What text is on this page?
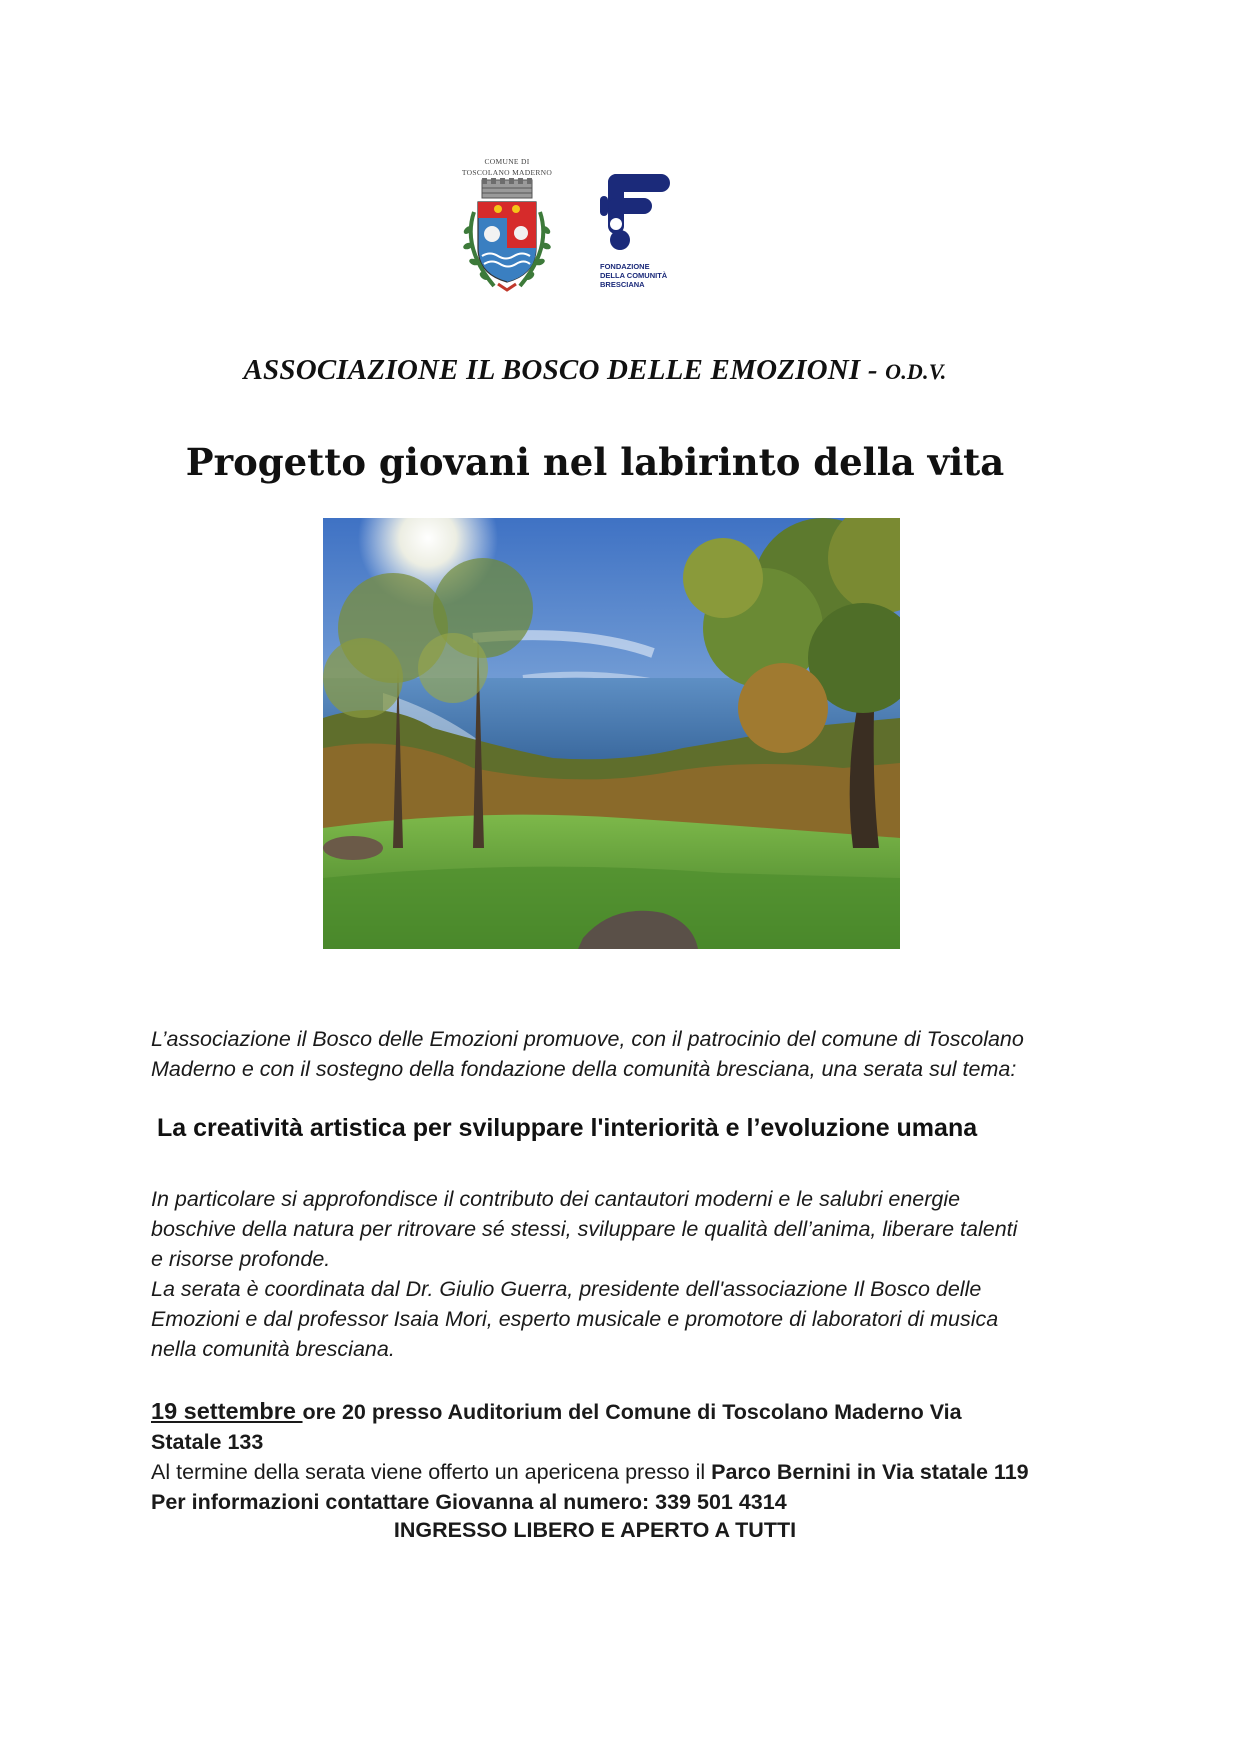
COMUNE DI
TOSCOLANO MADERNO
FONDAZIONE
DELLA COMUNITÀ
BRESCIANA
ASSOCIAZIONE IL BOSCO DELLE EMOZIONI - O.D.V.
Progetto giovani nel labirinto della vita
L’associazione il Bosco delle Emozioni promuove, con il patrocinio del comune di Toscolano
Maderno e con il sostegno della fondazione della comunità bresciana, una serata sul tema:
La creatività artistica per sviluppare l'interiorità e l’evoluzione umana
In particolare si approfondisce il contributo dei cantautori moderni e le salubri energie
boschive della natura per ritrovare sé stessi, sviluppare le qualità dell’anima, liberare talenti
e risorse profonde.
La serata è coordinata dal Dr. Giulio Guerra, presidente dell'associazione Il Bosco delle
Emozioni e dal professor Isaia Mori, esperto musicale e promotore di laboratori di musica
nella comunità bresciana.
19 settembre ore 20 presso Auditorium del Comune di Toscolano Maderno Via
Statale 133
Al termine della serata viene offerto un apericena presso il Parco Bernini in Via statale 119
Per informazioni contattare Giovanna al numero: 339 501 4314
INGRESSO LIBERO E APERTO A TUTTI
